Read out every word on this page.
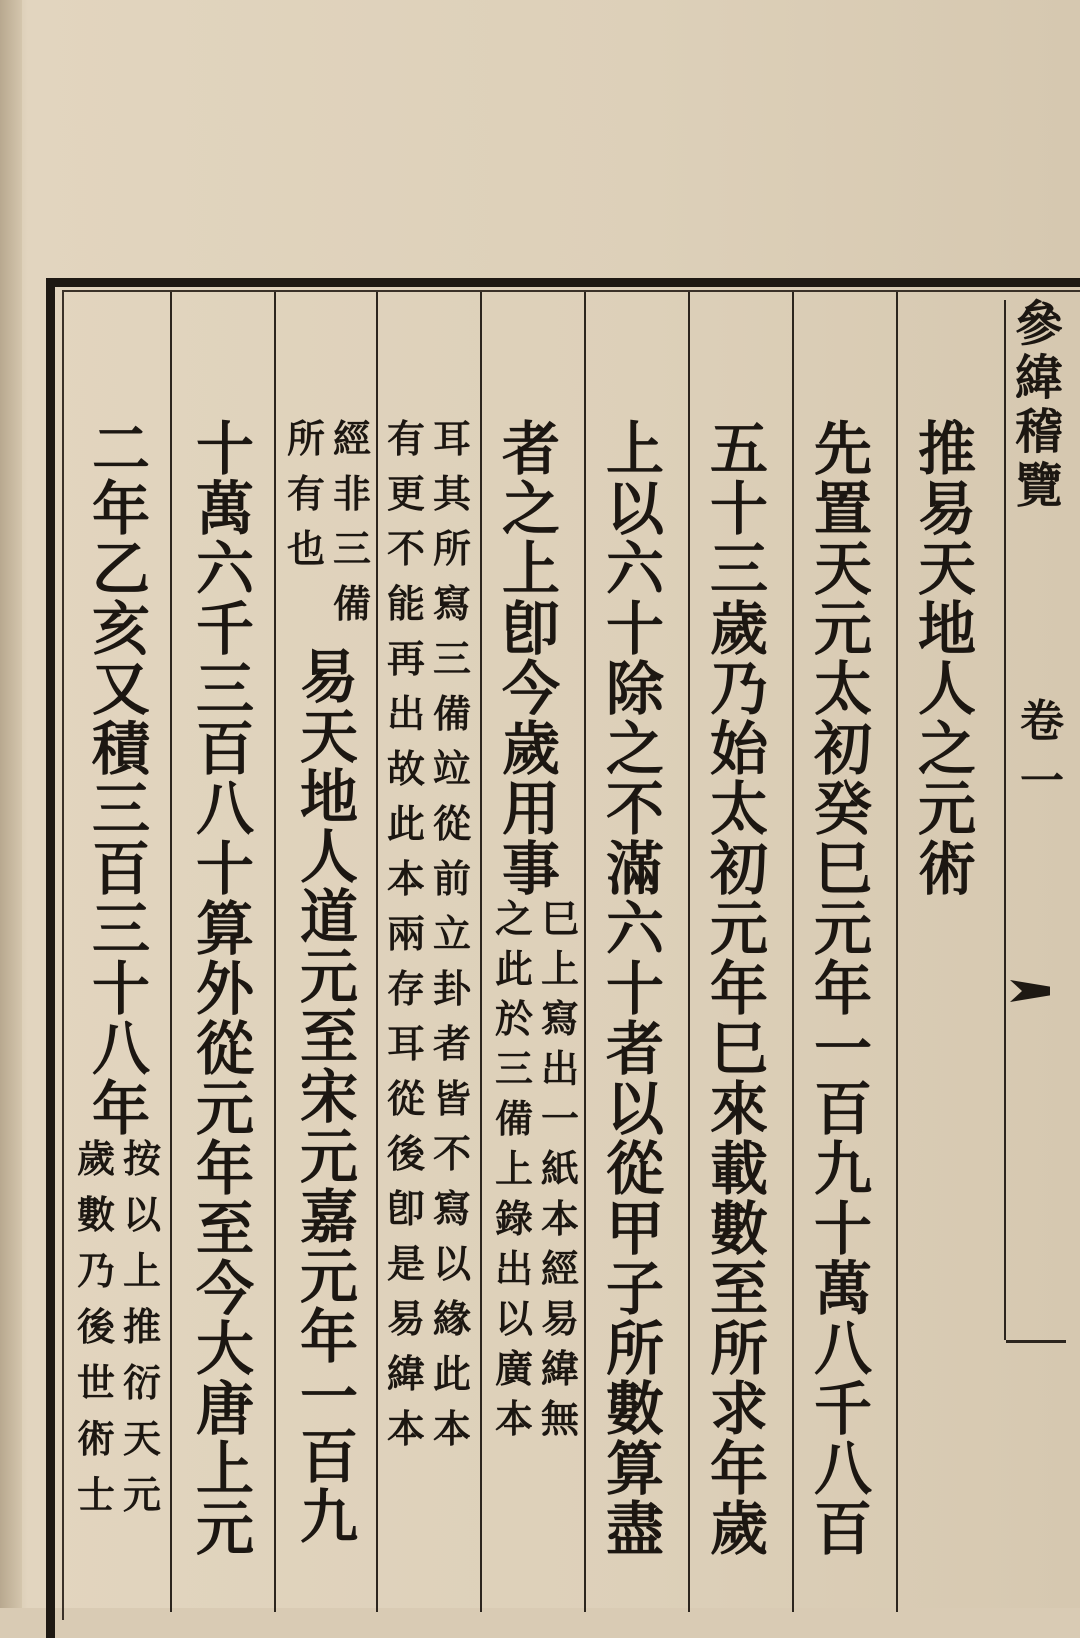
參
緯
稽
覽
卷
一
推
易
天
地
人
之
元
術
先
置
天
元
太
初
癸
巳
元
年
一
百
九
十
萬
八
千
八
百
五
十
三
歲
乃
始
太
初
元
年
巳
來
載
數
至
所
求
年
歲
上
以
六
十
除
之
不
滿
六
十
者
以
從
甲
子
所
數
算
盡
者
之
上
卽
今
歲
用
事
巳
上
寫
出
一
紙
本
經
易
緯
無
之
此
於
三
備
上
錄
出
以
廣
本
耳
其
所
寫
三
備
竝
從
前
立
卦
者
皆
不
寫
以
緣
此
本
有
更
不
能
再
出
故
此
本
兩
存
耳
從
後
卽
是
易
緯
本
經
非
三
備
所
有
也
易
天
地
人
道
元
至
宋
元
嘉
元
年
一
百
九
十
萬
六
千
三
百
八
十
算
外
從
元
年
至
今
大
唐
上
元
二
年
乙
亥
又
積
三
百
三
十
八
年
按
以
上
推
衍
天
元
歲
數
乃
後
世
術
士
